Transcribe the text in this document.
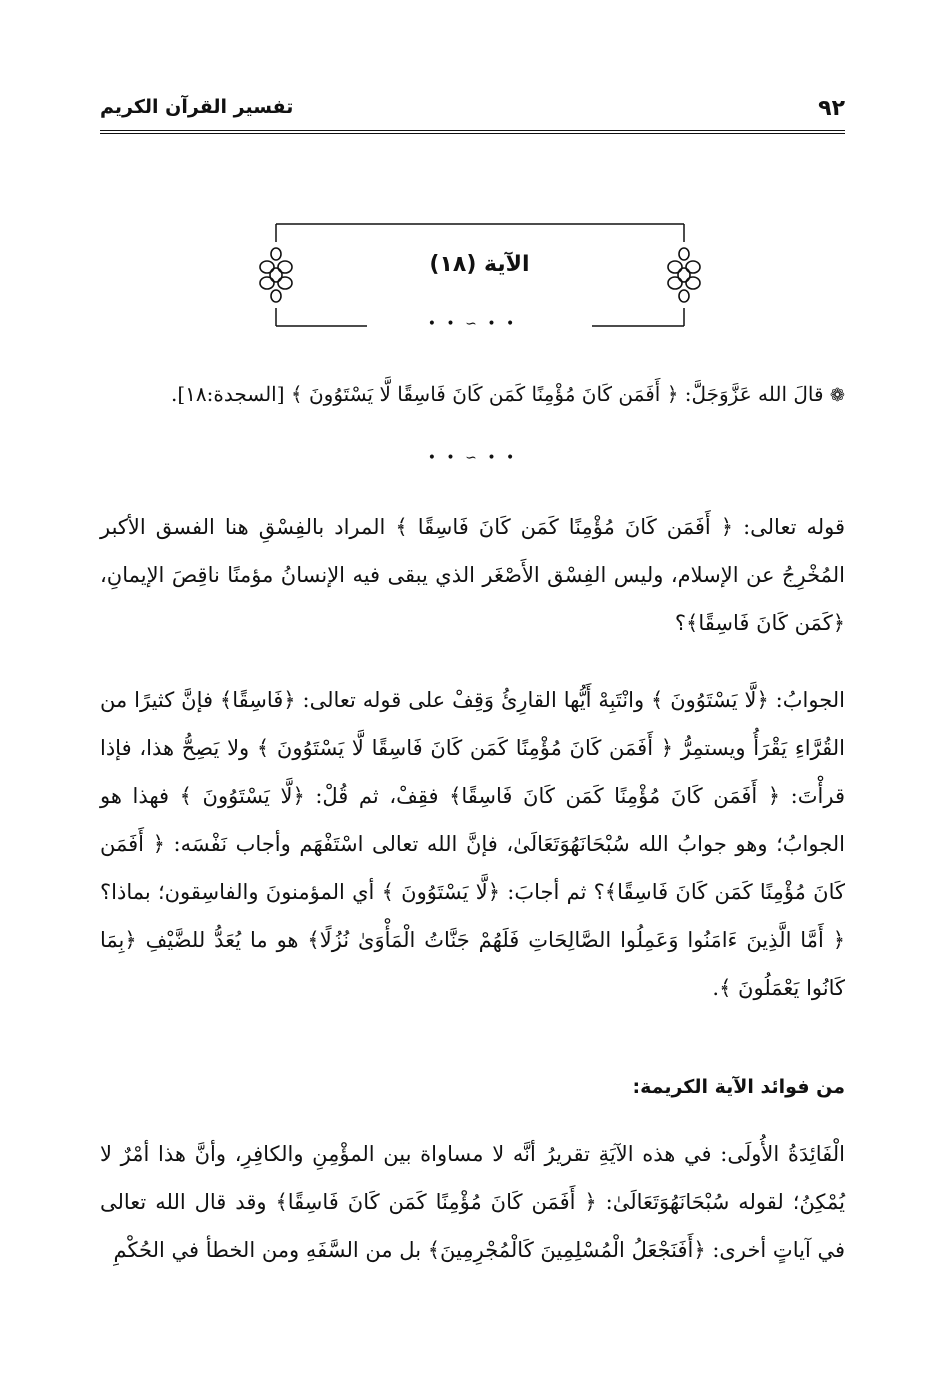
٩٢
تفسير القرآن الكريم
الآية (١٨)
• • ∽ • •
❁ قالَ الله عَزَّوَجَلَّ: ﴿ أَفَمَن كَانَ مُؤْمِنًا كَمَن كَانَ فَاسِقًا لَّا يَسْتَوُونَ ﴾ [السجدة:١٨].
• • ∽ • •
قوله تعالى: ﴿ أَفَمَن كَانَ مُؤْمِنًا كَمَن كَانَ فَاسِقًا ﴾ المراد بالفِسْقِ هنا الفسق الأكبر المُخْرِجُ عن الإسلام، وليس الفِسْق الأَصْغَر الذي يبقى فيه الإنسانُ مؤمنًا ناقِصَ الإيمانِ، ﴿كَمَن كَانَ فَاسِقًا﴾؟
الجوابُ: ﴿لَّا يَسْتَوُونَ ﴾ وانْتَبِهْ أَيُّها القارِئُ وَقِفْ على قوله تعالى: ﴿فَاسِقًا﴾ فإنَّ كثيرًا من القُرَّاءِ يَقْرَأُ ويستمِرُّ ﴿ أَفَمَن كَانَ مُؤْمِنًا كَمَن كَانَ فَاسِقًا لَّا يَسْتَوُونَ ﴾ ولا يَصِحُّ هذا، فإذا قرأْتَ: ﴿ أَفَمَن كَانَ مُؤْمِنًا كَمَن كَانَ فَاسِقًا﴾ فقِفْ، ثم قُلْ: ﴿لَّا يَسْتَوُونَ ﴾ فهذا هو الجوابُ؛ وهو جوابُ الله سُبْحَانَهُوَتَعَالَىٰ، فإنَّ الله تعالى اسْتَفْهَم وأجاب نَفْسَه: ﴿ أَفَمَن كَانَ مُؤْمِنًا كَمَن كَانَ فَاسِقًا﴾؟ ثم أجابَ: ﴿لَّا يَسْتَوُونَ ﴾ أي المؤمنونَ والفاسِقون؛ بماذا؟ ﴿ أَمَّا الَّذِينَ ءَامَنُوا وَعَمِلُوا الصَّالِحَاتِ فَلَهُمْ جَنَّاتُ الْمَأْوَىٰ نُزُلًا﴾ هو ما يُعَدُّ للضَّيْفِ ﴿بِمَا كَانُوا يَعْمَلُونَ ﴾.
من فوائد الآية الكريمة:
الْفَائِدَةُ الأُولَى: في هذه الآيَةِ تقريرُ أنَّه لا مساواة بين المؤْمِنِ والكافِرِ، وأنَّ هذا أمْرٌ لا يُمْكِنُ؛ لقوله سُبْحَانَهُوَتَعَالَىٰ: ﴿ أَفَمَن كَانَ مُؤْمِنًا كَمَن كَانَ فَاسِقًا﴾ وقد قال الله تعالى في آياتٍ أخرى: ﴿أَفَنَجْعَلُ الْمُسْلِمِينَ كَالْمُجْرِمِينَ﴾ بل من السَّفَهِ ومن الخطأ في الحُكْمِ
